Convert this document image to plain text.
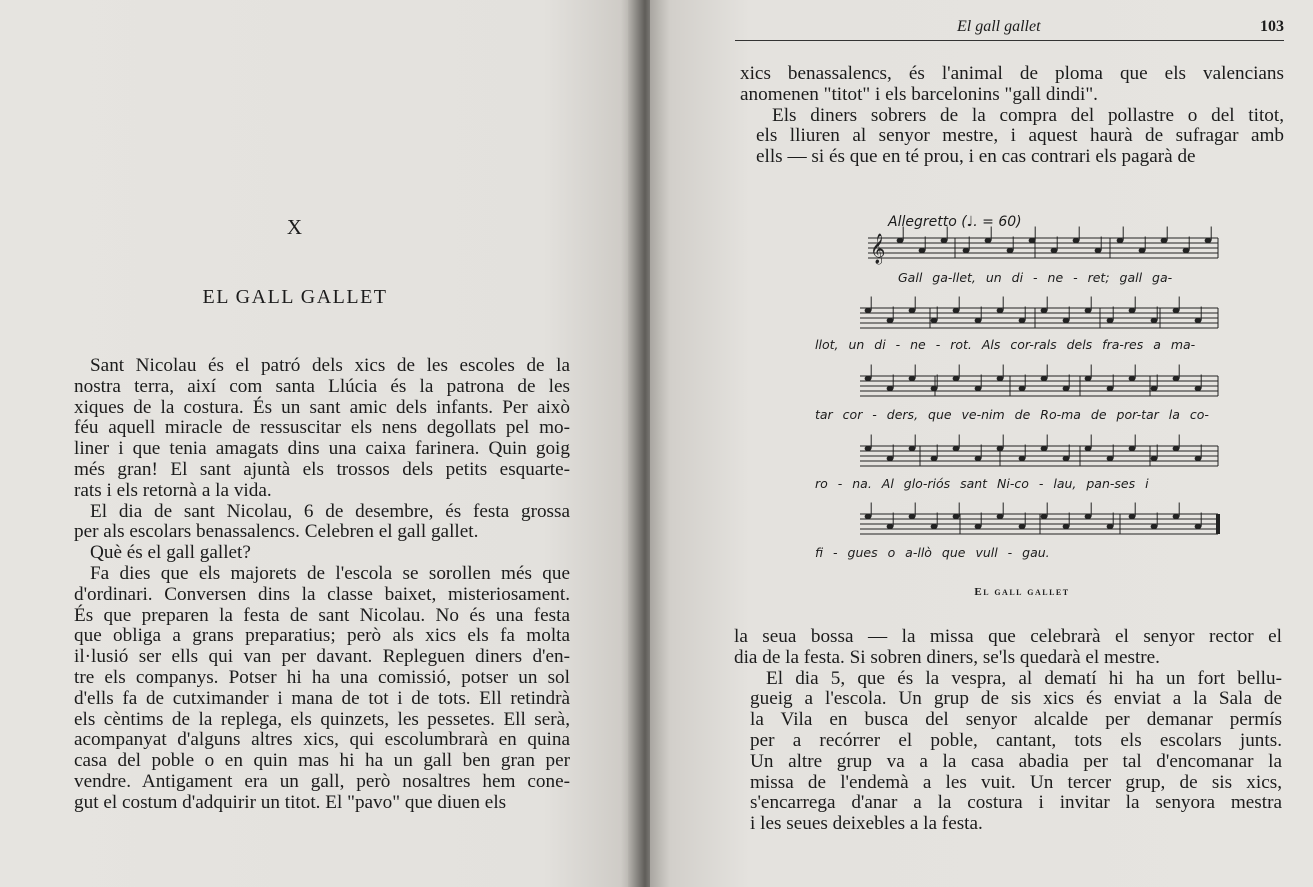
X
EL GALL GALLET

Sant Nicolau és el patró dels xics de les escoles de la
nostra terra, així com santa Llúcia és la patrona de les
xiques de la costura. És un sant amic dels infants. Per això
féu aquell miracle de ressuscitar els nens degollats pel mo-
liner i que tenia amagats dins una caixa farinera. Quin goig
més gran! El sant ajuntà els trossos dels petits esquarte-
rats i els retornà a la vida.

El dia de sant Nicolau, 6 de desembre, és festa grossa
per als escolars benassalencs. Celebren el gall gallet.

Què és el gall gallet?

Fa dies que els majorets de l'escola se sorollen més que
d'ordinari. Conversen dins la classe baixet, misteriosament.
És que preparen la festa de sant Nicolau. No és una festa
que obliga a grans preparatius; però als xics els fa molta
il·lusió ser ells qui van per davant. Repleguen diners d'en-
tre els companys. Potser hi ha una comissió, potser un sol
d'ells fa de cutximander i mana de tot i de tots. Ell retindrà
els cèntims de la replega, els quinzets, les pessetes. Ell serà,
acompanyat d'alguns altres xics, qui escolumbrarà en quina
casa del poble o en quin mas hi ha un gall ben gran per
vendre. Antigament era un gall, però nosaltres hem cone-
gut el costum d'adquirir un titot. El "pavo" que diuen els

El gall gallet	103

xics benassalencs, és l'animal de ploma que els valencians
anomenen "titot" i els barcelonins "gall dindi".

Els diners sobrers de la compra del pollastre o del titot,
els lliuren al senyor mestre, i aquest haurà de sufragar amb
ells — si és que en té prou, i en cas contrari els pagarà de

Allegretto (♩. = 60)
𝄞
Gall ga-llet, un di - ne - ret; gall ga-
llot, un di - ne - rot. Als cor-rals dels fra-res a ma-
tar cor - ders, que ve-nim de Ro-ma de por-tar la co-
ro - na. Al glo-riós sant Ni-co - lau, pan-ses i
fi - gues o a-llò que vull - gau.
El gall gallet

la seua bossa — la missa que celebrarà el senyor rector el
dia de la festa. Si sobren diners, se'ls quedarà el mestre.

El dia 5, que és la vespra, al dematí hi ha un fort bellu-
gueig a l'escola. Un grup de sis xics és enviat a la Sala de
la Vila en busca del senyor alcalde per demanar permís
per a recórrer el poble, cantant, tots els escolars junts.
Un altre grup va a la casa abadia per tal d'encomanar la
missa de l'endemà a les vuit. Un tercer grup, de sis xics,
s'encarrega d'anar a la costura i invitar la senyora mestra
i les seues deixebles a la festa.
